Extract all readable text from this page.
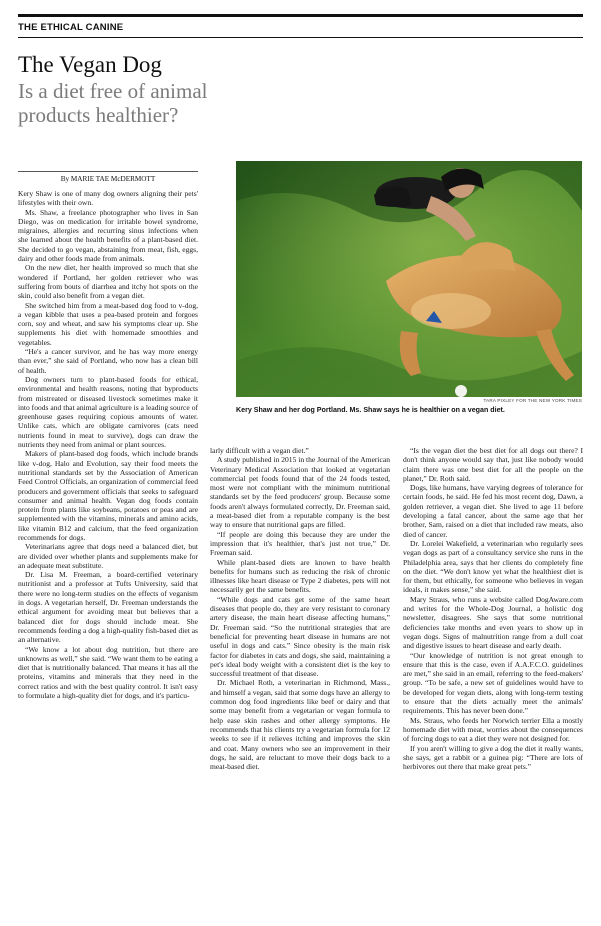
THE ETHICAL CANINE
The Vegan Dog
Is a diet free of animal products healthier?
By MARIE TAE McDERMOTT
TARA PIXLEY FOR THE NEW YORK TIMES
Kery Shaw and her dog Portland. Ms. Shaw says he is healthier on a vegan diet.

Kery Shaw is one of many dog owners aligning their pets' lifestyles with their own.

Ms. Shaw, a freelance photographer who lives in San Diego, was on medication for irritable bowel syndrome, migraines, allergies and recurring sinus infections when she learned about the health benefits of a plant-based diet. She decided to go vegan, abstaining from meat, fish, eggs, dairy and other foods made from animals.

On the new diet, her health improved so much that she wondered if Portland, her golden retriever who was suffering from bouts of diarrhea and itchy hot spots on the skin, could also benefit from a vegan diet.

She switched him from a meat-based dog food to v-dog, a vegan kibble that uses a pea-based protein and forgoes corn, soy and wheat, and saw his symptoms clear up. She supplements his diet with homemade smoothies and vegetables.

“He's a cancer survivor, and he has way more energy than ever,” she said of Portland, who now has a clean bill of health.

Dog owners turn to plant-based foods for ethical, environmental and health reasons, noting that byproducts from mistreated or diseased livestock sometimes make it into foods and that animal agriculture is a leading source of greenhouse gases requiring copious amounts of water. Unlike cats, which are obligate carnivores (cats need nutrients found in meat to survive), dogs can draw the nutrients they need from animal or plant sources.

Makers of plant-based dog foods, which include brands like v-dog, Halo and Evolution, say their food meets the nutritional standards set by the Association of American Feed Control Officials, an organization of commercial feed producers and government officials that seeks to safeguard consumer and animal health. Vegan dog foods contain protein from plants like soybeans, potatoes or peas and are supplemented with the vitamins, minerals and amino acids, like vitamin B12 and calcium, that the feed organization recommends for dogs.

Veterinarians agree that dogs need a balanced diet, but are divided over whether plants and supplements make for an adequate meat substitute.

Dr. Lisa M. Freeman, a board-certified veterinary nutritionist and a professor at Tufts University, said that there were no long-term studies on the effects of veganism in dogs. A vegetarian herself, Dr. Freeman understands the ethical argument for avoiding meat but believes that a balanced diet for dogs should include meat. She recommends feeding a dog a high-quality fish-based diet as an alternative.

“We know a lot about dog nutrition, but there are unknowns as well,” she said. “We want them to be eating a diet that is nutritionally balanced. That means it has all the proteins, vitamins and minerals that they need in the correct ratios and with the best quality control. It isn't easy to formulate a high-quality diet for dogs, and it's particu-

larly difficult with a vegan diet.”

A study published in 2015 in the Journal of the American Veterinary Medical Association that looked at vegetarian commercial pet foods found that of the 24 foods tested, most were not compliant with the minimum nutritional standards set by the feed producers' group. Because some foods aren't always formulated correctly, Dr. Freeman said, a meat-based diet from a reputable company is the best way to ensure that nutritional gaps are filled.

“If people are doing this because they are under the impression that it's healthier, that's just not true,” Dr. Freeman said.

While plant-based diets are known to have health benefits for humans such as reducing the risk of chronic illnesses like heart disease or Type 2 diabetes, pets will not necessarily get the same benefits.

“While dogs and cats get some of the same heart diseases that people do, they are very resistant to coronary artery disease, the main heart disease affecting humans,” Dr. Freeman said. “So the nutritional strategies that are beneficial for preventing heart disease in humans are not useful in dogs and cats.” Since obesity is the main risk factor for diabetes in cats and dogs, she said, maintaining a pet's ideal body weight with a consistent diet is the key to successful treatment of that disease.

Dr. Michael Roth, a veterinarian in Richmond, Mass., and himself a vegan, said that some dogs have an allergy to common dog food ingredients like beef or dairy and that some may benefit from a vegetarian or vegan formula to help ease skin rashes and other allergy symptoms. He recommends that his clients try a vegetarian formula for 12 weeks to see if it relieves itching and improves the skin and coat. Many owners who see an improvement in their dogs, he said, are reluctant to move their dogs back to a meat-based diet.

“Is the vegan diet the best diet for all dogs out there? I don't think anyone would say that, just like nobody would claim there was one best diet for all the people on the planet,” Dr. Roth said.

Dogs, like humans, have varying degrees of tolerance for certain foods, he said. He fed his most recent dog, Dawn, a golden retriever, a vegan diet. She lived to age 11 before developing a fatal cancer, about the same age that her brother, Sam, raised on a diet that included raw meats, also died of cancer.

Dr. Lorelei Wakefield, a veterinarian who regularly sees vegan dogs as part of a consultancy service she runs in the Philadelphia area, says that her clients do completely fine on the diet. “We don't know yet what the healthiest diet is for them, but ethically, for someone who believes in vegan ideals, it makes sense,” she said.

Mary Straus, who runs a website called DogAware.com and writes for the Whole-Dog Journal, a holistic dog newsletter, disagrees. She says that some nutritional deficiencies take months and even years to show up in vegan dogs. Signs of malnutrition range from a dull coat and digestive issues to heart disease and early death.

“Our knowledge of nutrition is not great enough to ensure that this is the case, even if A.A.F.C.O. guidelines are met,” she said in an email, referring to the feed-makers' group. “To be safe, a new set of guidelines would have to be developed for vegan diets, along with long-term testing to ensure that the diets actually meet the animals' requirements. This has never been done.”

Ms. Straus, who feeds her Norwich terrier Ella a mostly homemade diet with meat, worries about the consequences of forcing dogs to eat a diet they were not designed for.

If you aren't willing to give a dog the diet it really wants, she says, get a rabbit or a guinea pig: “There are lots of herbivores out there that make great pets.”
